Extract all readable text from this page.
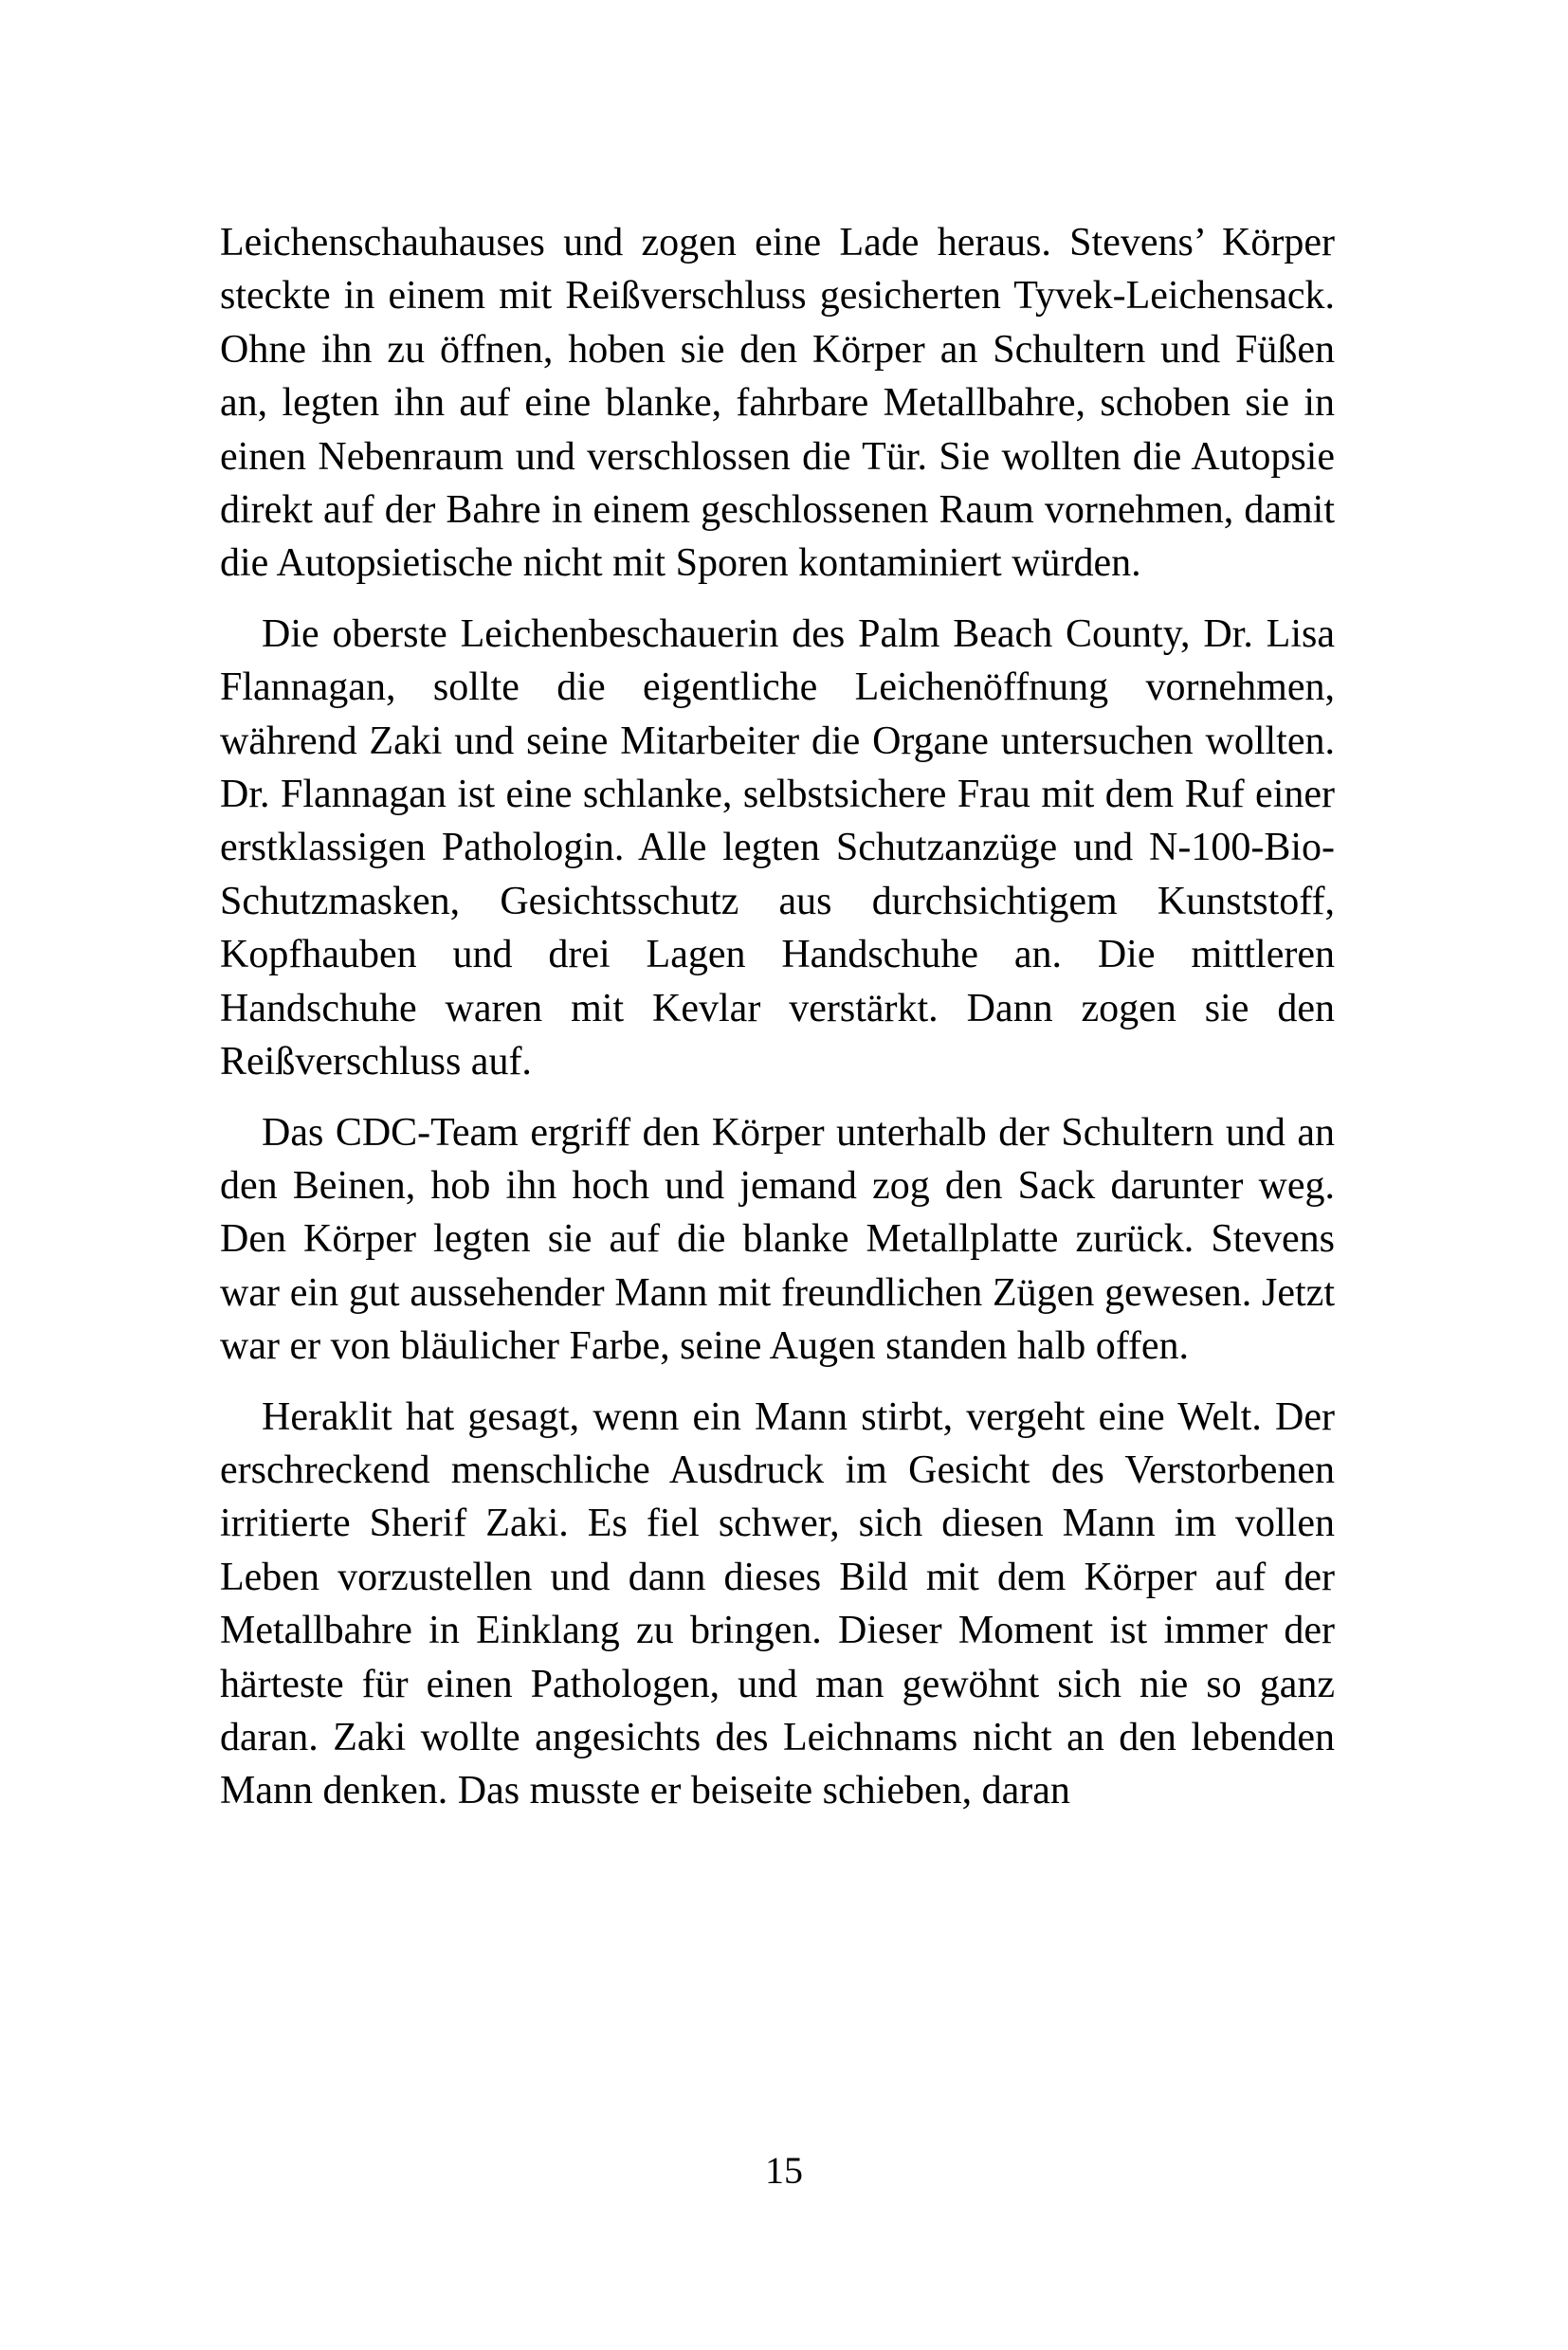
Leichenschauhauses und zogen eine Lade heraus. Stevens’ Körper steckte in einem mit Reißverschluss gesicherten Tyvek-Leichensack. Ohne ihn zu öffnen, hoben sie den Körper an Schultern und Füßen an, legten ihn auf eine blanke, fahrbare Metallbahre, schoben sie in einen Nebenraum und verschlossen die Tür. Sie wollten die Autopsie direkt auf der Bahre in einem geschlossenen Raum vornehmen, damit die Autopsietische nicht mit Sporen kontaminiert würden.

Die oberste Leichenbeschauerin des Palm Beach County, Dr. Lisa Flannagan, sollte die eigentliche Leichenöffnung vornehmen, während Zaki und seine Mitarbeiter die Organe untersuchen wollten. Dr. Flannagan ist eine schlanke, selbstsichere Frau mit dem Ruf einer erstklassigen Pathologin. Alle legten Schutzanzüge und N-100-Bio-Schutzmasken, Gesichtsschutz aus durchsichtigem Kunststoff, Kopfhauben und drei Lagen Handschuhe an. Die mittleren Handschuhe waren mit Kevlar verstärkt. Dann zogen sie den Reißverschluss auf.

Das CDC-Team ergriff den Körper unterhalb der Schultern und an den Beinen, hob ihn hoch und jemand zog den Sack darunter weg. Den Körper legten sie auf die blanke Metallplatte zurück. Stevens war ein gut aussehender Mann mit freundlichen Zügen gewesen. Jetzt war er von bläulicher Farbe, seine Augen standen halb offen.

Heraklit hat gesagt, wenn ein Mann stirbt, vergeht eine Welt. Der erschreckend menschliche Ausdruck im Gesicht des Verstorbenen irritierte Sherif Zaki. Es fiel schwer, sich diesen Mann im vollen Leben vorzustellen und dann dieses Bild mit dem Körper auf der Metallbahre in Einklang zu bringen. Dieser Moment ist immer der härteste für einen Pathologen, und man gewöhnt sich nie so ganz daran. Zaki wollte angesichts des Leichnams nicht an den lebenden Mann denken. Das musste er beiseite schieben, daran

15
